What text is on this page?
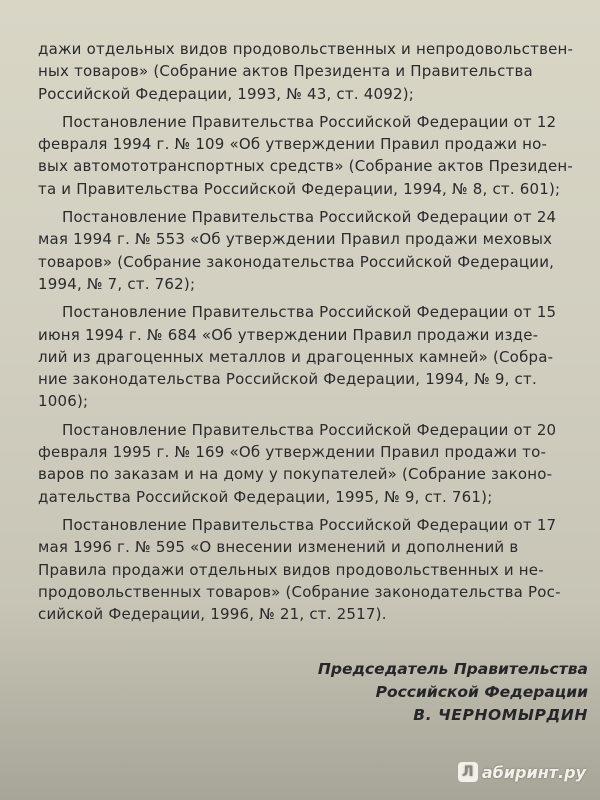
дажи отдельных видов продовольственных и непродовольствен-
ных товаров» (Собрание актов Президента и Правительства
Российской Федерации, 1993, № 43, ст. 4092);
Постановление Правительства Российской Федерации от 12
февраля 1994 г. № 109 «Об утверждении Правил продажи но-
вых автомототранспортных средств» (Собрание актов Президен-
та и Правительства Российской Федерации, 1994, № 8, ст. 601);
Постановление Правительства Российской Федерации от 24
мая 1994 г. № 553 «Об утверждении Правил продажи меховых
товаров» (Собрание законодательства Российской Федерации,
1994, № 7, ст. 762);
Постановление Правительства Российской Федерации от 15
июня 1994 г. № 684 «Об утверждении Правил продажи изде-
лий из драгоценных металлов и драгоценных камней» (Собра-
ние законодательства Российской Федерации, 1994, № 9, ст.
1006);
Постановление Правительства Российской Федерации от 20
февраля 1995 г. № 169 «Об утверждении Правил продажи то-
варов по заказам и на дому у покупателей» (Собрание законо-
дательства Российской Федерации, 1995, № 9, ст. 761);
Постановление Правительства Российской Федерации от 17
мая 1996 г. № 595 «О внесении изменений и дополнений в
Правила продажи отдельных видов продовольственных и не-
продовольственных товаров» (Собрание законодательства Рос-
сийской Федерации, 1996, № 21, ст. 2517).
Председатель Правительства
Российской Федерации
В. ЧЕРНОМЫРДИН
Л абиринт.ру
